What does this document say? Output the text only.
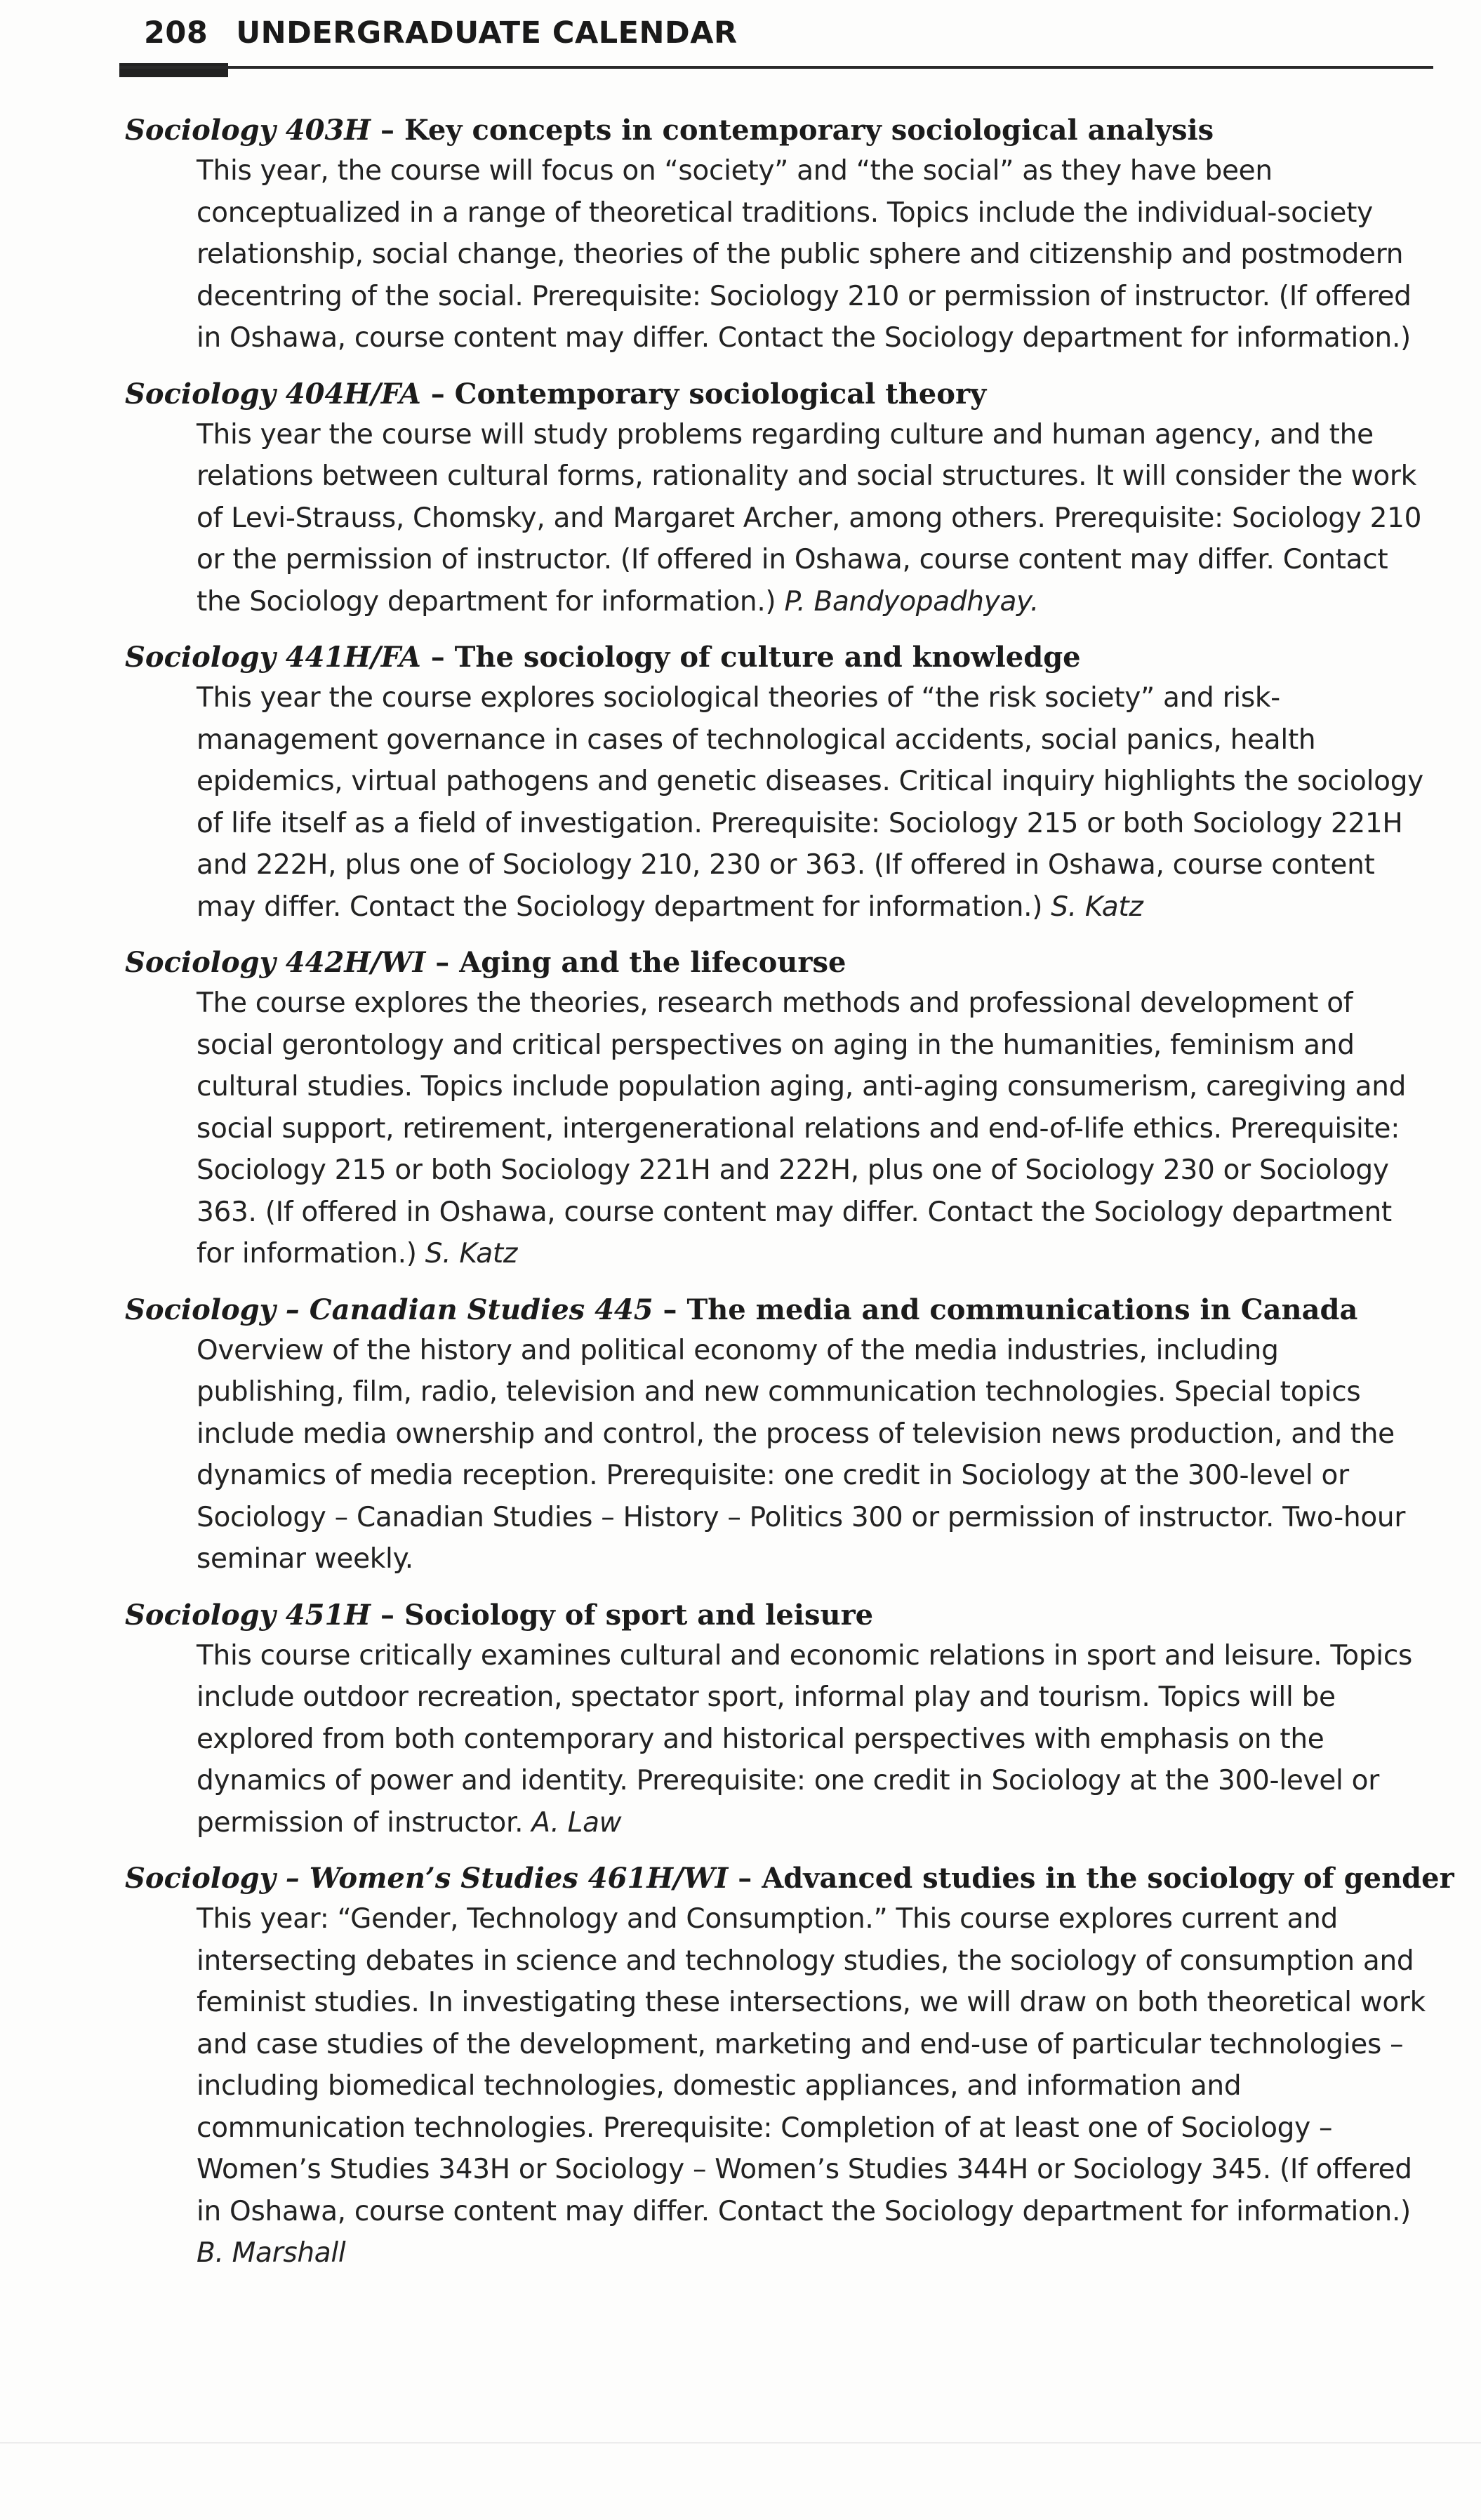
208 UNDERGRADUATE CALENDAR
Sociology 403H – Key concepts in contemporary sociological analysis

This year, the course will focus on “society” and “the social” as they have been conceptualized in a range of theoretical traditions. Topics include the individual-society relationship, social change, theories of the public sphere and citizenship and postmodern decentring of the social. Prerequisite: Sociology 210 or permission of instructor. (If offered in Oshawa, course content may differ. Contact the Sociology department for information.)

Sociology 404H/FA – Contemporary sociological theory

This year the course will study problems regarding culture and human agency, and the relations between cultural forms, rationality and social structures. It will consider the work of Levi-Strauss, Chomsky, and Margaret Archer, among others. Prerequisite: Sociology 210 or the permission of instructor. (If offered in Oshawa, course content may differ. Contact the Sociology department for information.) P. Bandyopadhyay.

Sociology 441H/FA – The sociology of culture and knowledge

This year the course explores sociological theories of “the risk society” and risk-management governance in cases of technological accidents, social panics, health epidemics, virtual pathogens and genetic diseases. Critical inquiry highlights the sociology of life itself as a field of investigation. Prerequisite: Sociology 215 or both Sociology 221H and 222H, plus one of Sociology 210, 230 or 363. (If offered in Oshawa, course content may differ. Contact the Sociology department for information.) S. Katz

Sociology 442H/WI – Aging and the lifecourse

The course explores the theories, research methods and professional development of social gerontology and critical perspectives on aging in the humanities, feminism and cultural studies. Topics include population aging, anti-aging consumerism, caregiving and social support, retirement, intergenerational relations and end-of-life ethics. Prerequisite: Sociology 215 or both Sociology 221H and 222H, plus one of Sociology 230 or Sociology 363. (If offered in Oshawa, course content may differ. Contact the Sociology department for information.) S. Katz

Sociology – Canadian Studies 445 – The media and communications in Canada

Overview of the history and political economy of the media industries, including publishing, film, radio, television and new communication technologies. Special topics include media ownership and control, the process of television news production, and the dynamics of media reception. Prerequisite: one credit in Sociology at the 300-level or Sociology – Canadian Studies – History – Politics 300 or permission of instructor. Two-hour seminar weekly.

Sociology 451H – Sociology of sport and leisure

This course critically examines cultural and economic relations in sport and leisure. Topics include outdoor recreation, spectator sport, informal play and tourism. Topics will be explored from both contemporary and historical perspectives with emphasis on the dynamics of power and identity. Prerequisite: one credit in Sociology at the 300-level or permission of instructor. A. Law

Sociology – Women’s Studies 461H/WI – Advanced studies in the sociology of gender

This year: “Gender, Technology and Consumption.” This course explores current and intersecting debates in science and technology studies, the sociology of consumption and feminist studies. In investigating these intersections, we will draw on both theoretical work and case studies of the development, marketing and end-use of particular technologies – including biomedical technologies, domestic appliances, and information and communication technologies. Prerequisite: Completion of at least one of Sociology – Women’s Studies 343H or Sociology – Women’s Studies 344H or Sociology 345. (If offered in Oshawa, course content may differ. Contact the Sociology department for information.) B. Marshall
